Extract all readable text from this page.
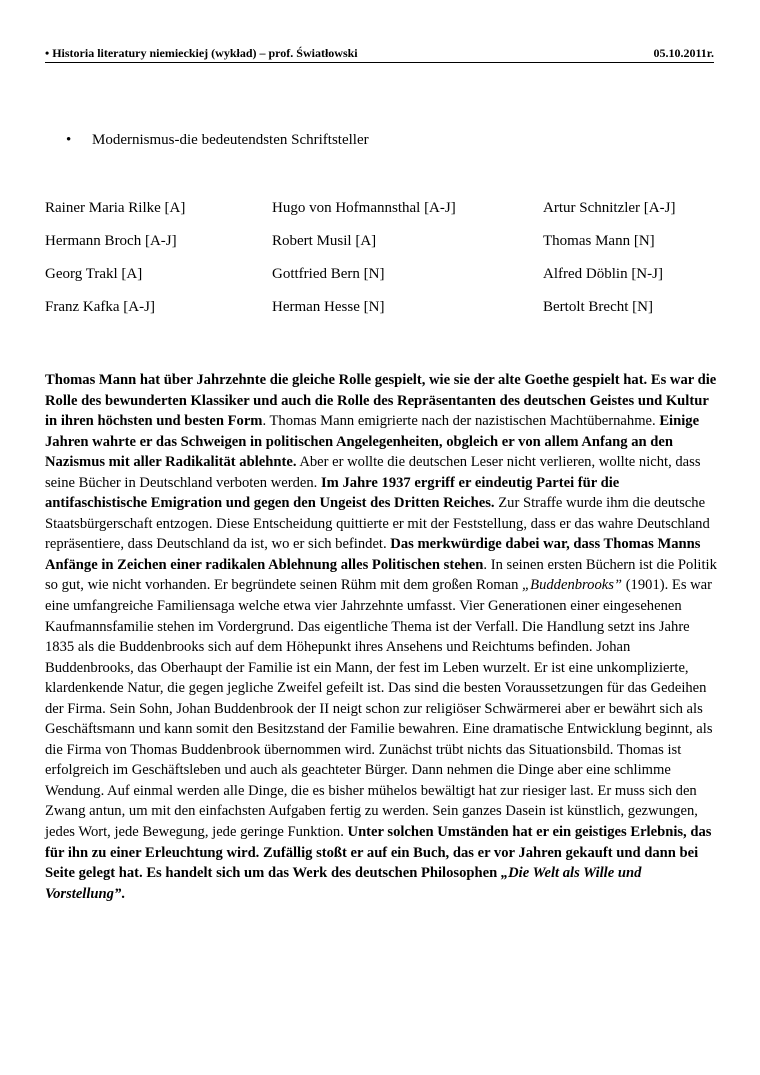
• Historia literatury niemieckiej (wykład) – prof. Światłowski	05.10.2011r.
• Modernismus-die bedeutendsten Schriftsteller
Rainer Maria Rilke [A]	Hugo von Hofmannsthal [A-J]	Artur Schnitzler [A-J]
Hermann Broch [A-J]	Robert Musil [A]	Thomas Mann [N]
Georg Trakl [A]	Gottfried Bern [N]	Alfred Döblin [N-J]
Franz Kafka [A-J]	Herman Hesse [N]	Bertolt Brecht [N]
Thomas Mann hat über Jahrzehnte die gleiche Rolle gespielt, wie sie der alte Goethe gespielt hat. Es war die Rolle des bewunderten Klassiker und auch die Rolle des Repräsentanten des deutschen Geistes und Kultur in ihren höchsten und besten Form. Thomas Mann emigrierte nach der nazistischen Machtübernahme. Einige Jahren wahrte er das Schweigen in politischen Angelegenheiten, obgleich er von allem Anfang an den Nazismus mit aller Radikalität ablehnte. Aber er wollte die deutschen Leser nicht verlieren, wollte nicht, dass seine Bücher in Deutschland verboten werden. Im Jahre 1937 ergriff er eindeutig Partei für die antifaschistische Emigration und gegen den Ungeist des Dritten Reiches. Zur Straffe wurde ihm die deutsche Staatsbürgerschaft entzogen. Diese Entscheidung quittierte er mit der Feststellung, dass er das wahre Deutschland repräsentiere, dass Deutschland da ist, wo er sich befindet. Das merkwürdige dabei war, dass Thomas Manns Anfänge in Zeichen einer radikalen Ablehnung alles Politischen stehen. In seinen ersten Büchern ist die Politik so gut, wie nicht vorhanden. Er begründete seinen Rühm mit dem großen Roman „Buddenbrooks” (1901). Es war eine umfangreiche Familiensaga welche etwa vier Jahrzehnte umfasst. Vier Generationen einer eingesehenen Kaufmannsfamilie stehen im Vordergrund. Das eigentliche Thema ist der Verfall. Die Handlung setzt ins Jahre 1835 als die Buddenbrooks sich auf dem Höhepunkt ihres Ansehens und Reichtums befinden. Johan Buddenbrooks, das Oberhaupt der Familie ist ein Mann, der fest im Leben wurzelt. Er ist eine unkomplizierte, klardenkende Natur, die gegen jegliche Zweifel gefeilt ist. Das sind die besten Voraussetzungen für das Gedeihen der Firma. Sein Sohn, Johan Buddenbrook der II neigt schon zur religiöser Schwärmerei aber er bewährt sich als Geschäftsmann und kann somit den Besitzstand der Familie bewahren. Eine dramatische Entwicklung beginnt, als die Firma von Thomas Buddenbrook übernommen wird. Zunächst trübt nichts das Situationsbild. Thomas ist erfolgreich im Geschäftsleben und auch als geachteter Bürger. Dann nehmen die Dinge aber eine schlimme Wendung. Auf einmal werden alle Dinge, die es bisher mühelos bewältigt hat zur riesiger last. Er muss sich den Zwang antun, um mit den einfachsten Aufgaben fertig zu werden. Sein ganzes Dasein ist künstlich, gezwungen, jedes Wort, jede Bewegung, jede geringe Funktion. Unter solchen Umständen hat er ein geistiges Erlebnis, das für ihn zu einer Erleuchtung wird. Zufällig stoßt er auf ein Buch, das er vor Jahren gekauft und dann bei Seite gelegt hat. Es handelt sich um das Werk des deutschen Philosophen „Die Welt als Wille und Vorstellung”.
